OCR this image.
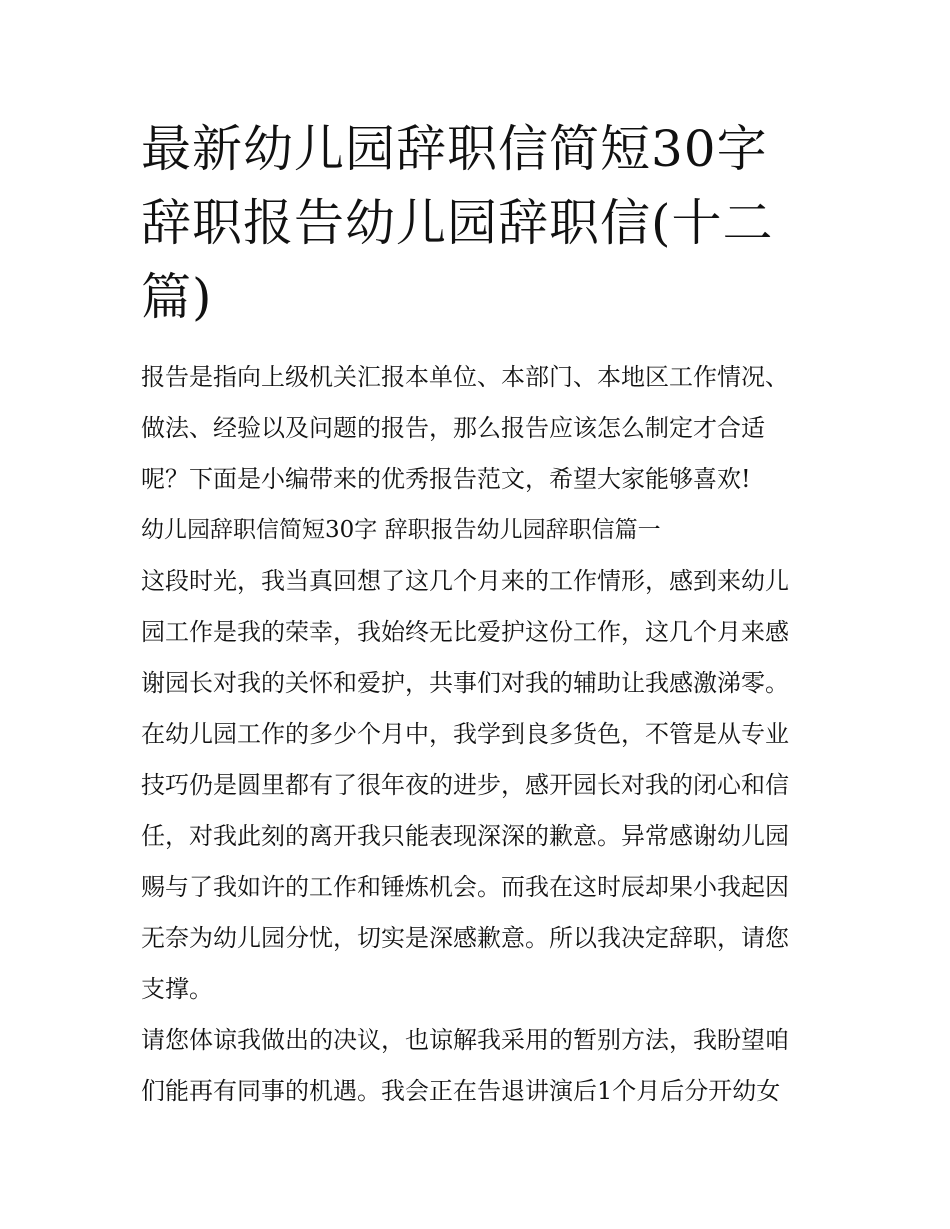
最新幼儿园辞职信简短30字
辞职报告幼儿园辞职信(十二
篇)

报告是指向上级机关汇报本单位、本部门、本地区工作情况、
做法、经验以及问题的报告，那么报告应该怎么制定才合适
呢？下面是小编带来的优秀报告范文，希望大家能够喜欢!

幼儿园辞职信简短30字 辞职报告幼儿园辞职信篇一

这段时光，我当真回想了这几个月来的工作情形，感到来幼儿
园工作是我的荣幸，我始终无比爱护这份工作，这几个月来感
谢园长对我的关怀和爱护，共事们对我的辅助让我感激涕零。
在幼儿园工作的多少个月中，我学到良多货色，不管是从专业
技巧仍是圆里都有了很年夜的进步，感开园长对我的闭心和信
任，对我此刻的离开我只能表现深深的歉意。异常感谢幼儿园
赐与了我如许的工作和锤炼机会。而我在这时辰却果小我起因
无奈为幼儿园分忧，切实是深感歉意。所以我决定辞职，请您
支撑。

请您体谅我做出的决议，也谅解我采用的暂别方法，我盼望咱
们能再有同事的机遇。我会正在告退讲演后1个月后分开幼女
